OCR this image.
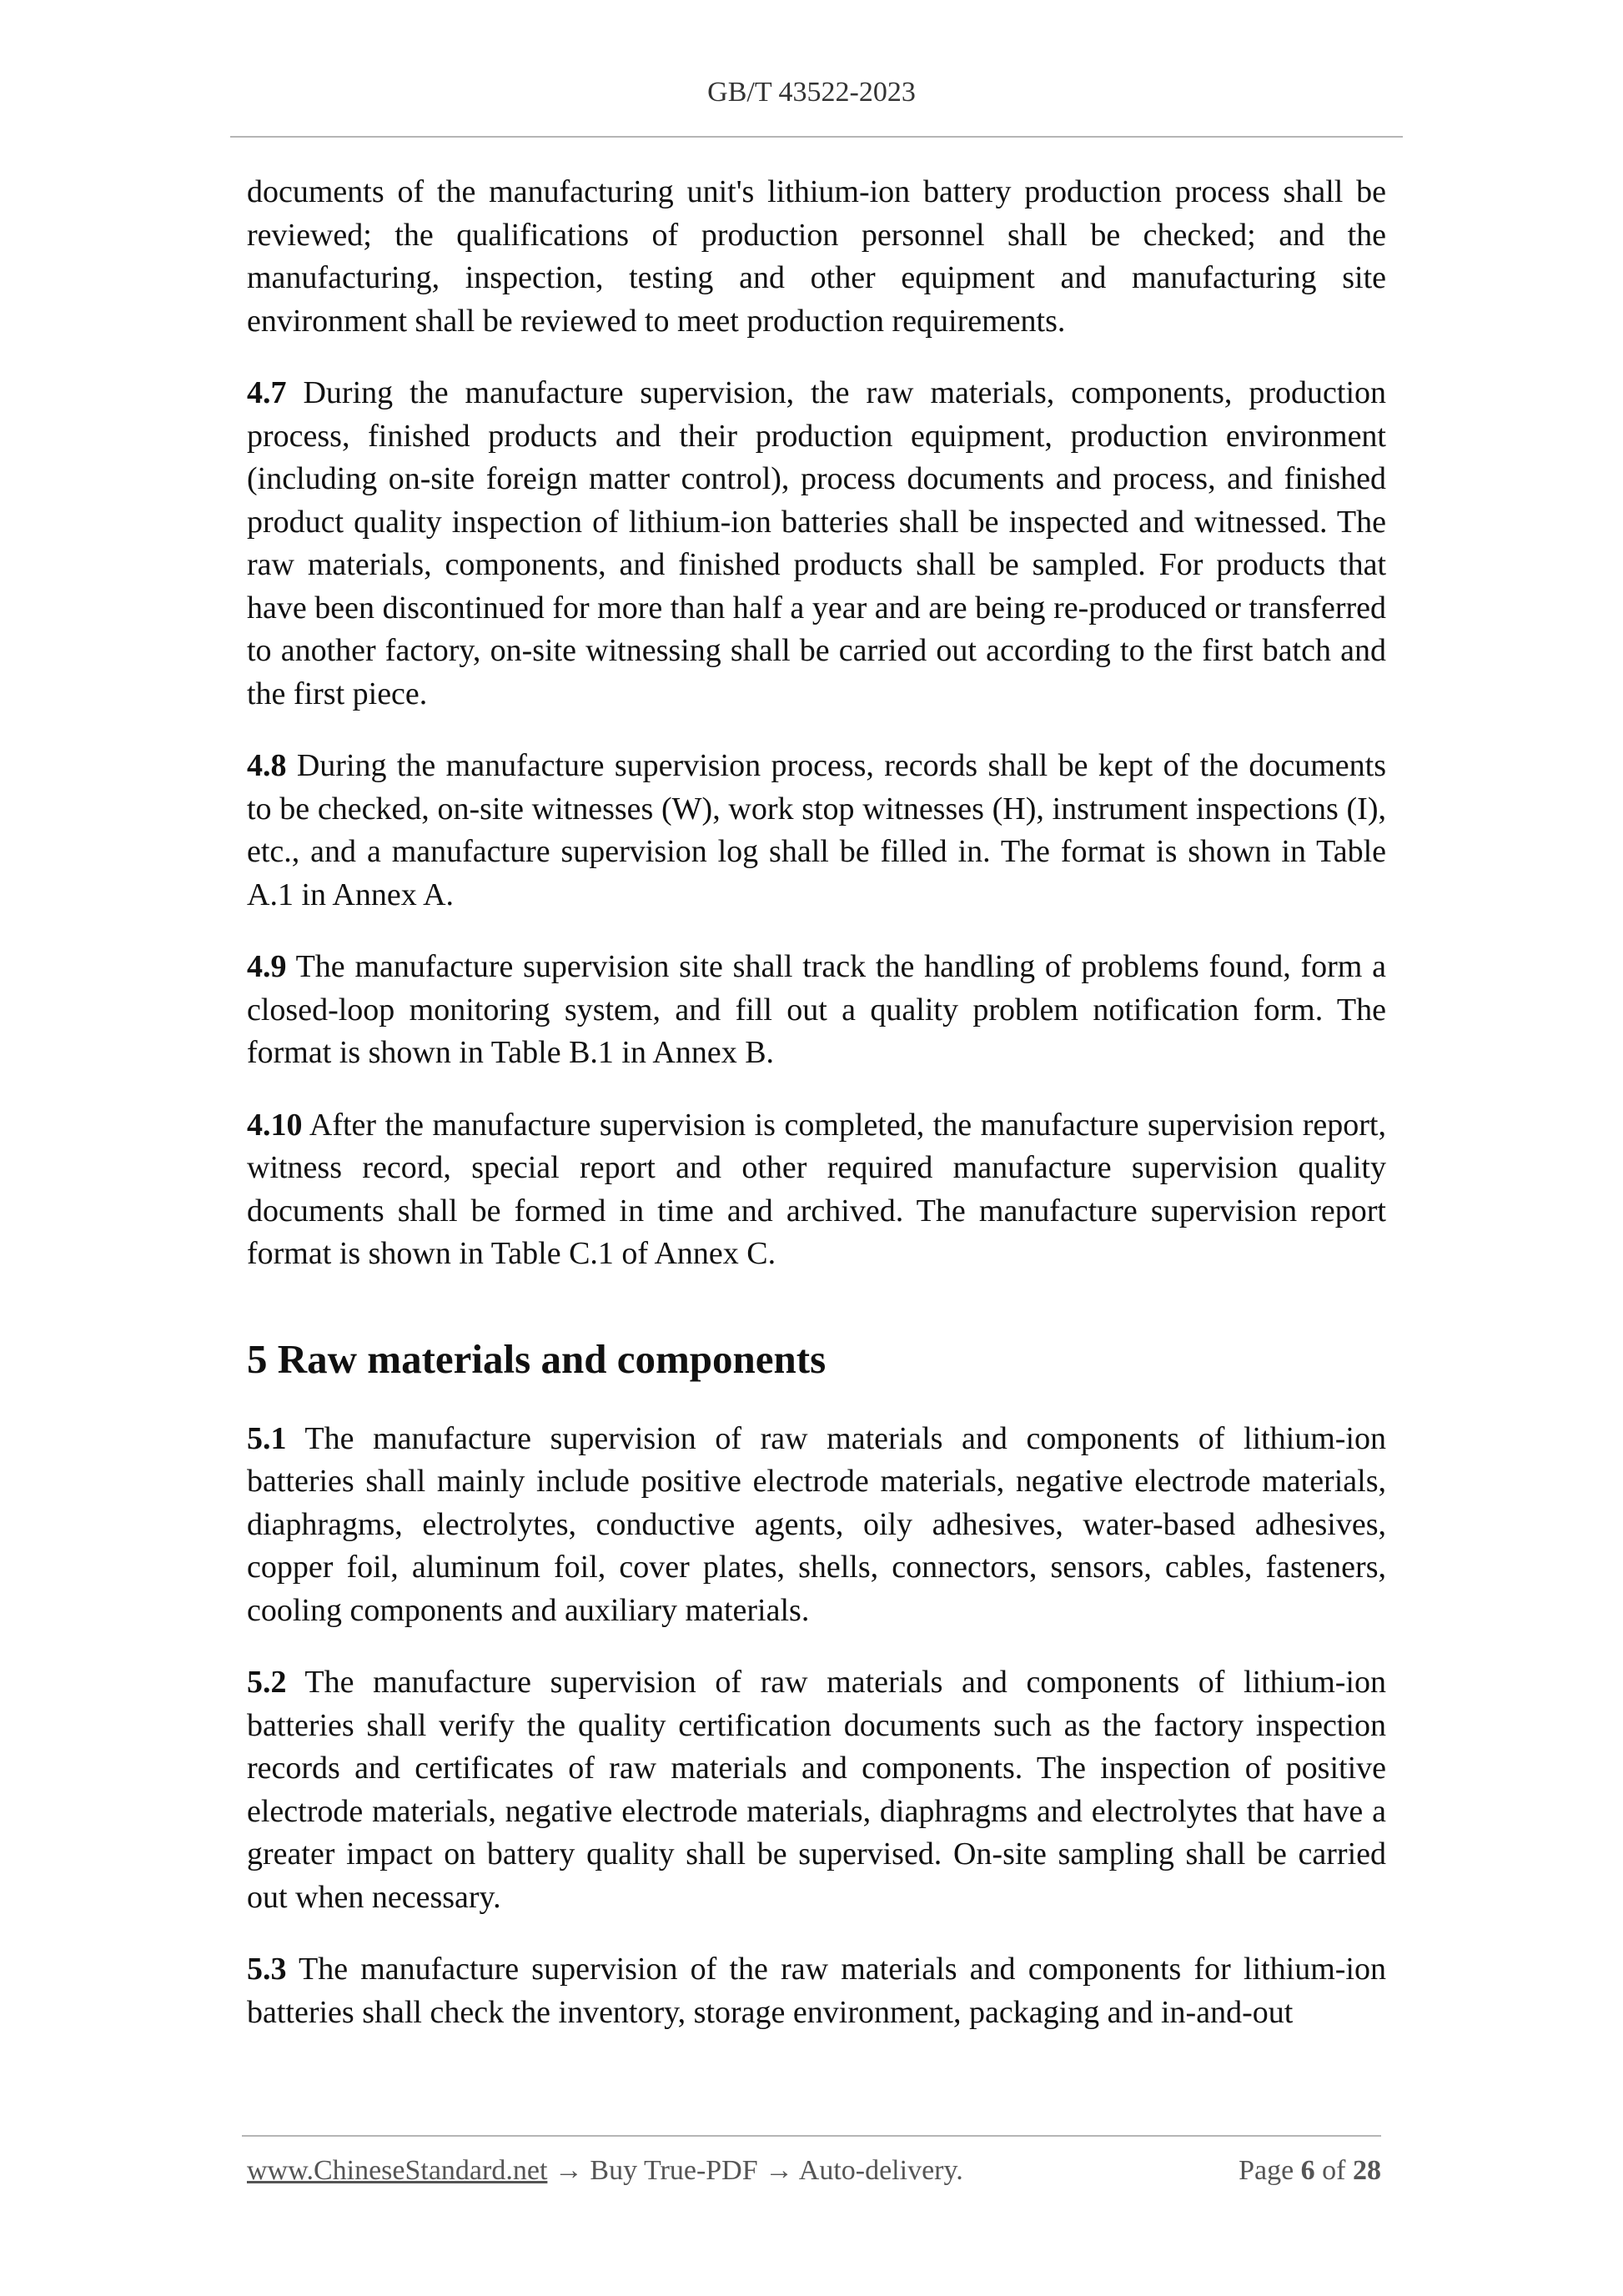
GB/T 43522-2023

documents of the manufacturing unit's lithium-ion battery production process shall be reviewed; the qualifications of production personnel shall be checked; and the manufacturing, inspection, testing and other equipment and manufacturing site environment shall be reviewed to meet production requirements.

4.7 During the manufacture supervision, the raw materials, components, production process, finished products and their production equipment, production environment (including on-site foreign matter control), process documents and process, and finished product quality inspection of lithium-ion batteries shall be inspected and witnessed. The raw materials, components, and finished products shall be sampled. For products that have been discontinued for more than half a year and are being re-produced or transferred to another factory, on-site witnessing shall be carried out according to the first batch and the first piece.

4.8 During the manufacture supervision process, records shall be kept of the documents to be checked, on-site witnesses (W), work stop witnesses (H), instrument inspections (I), etc., and a manufacture supervision log shall be filled in. The format is shown in Table A.1 in Annex A.

4.9 The manufacture supervision site shall track the handling of problems found, form a closed-loop monitoring system, and fill out a quality problem notification form. The format is shown in Table B.1 in Annex B.

4.10 After the manufacture supervision is completed, the manufacture supervision report, witness record, special report and other required manufacture supervision quality documents shall be formed in time and archived. The manufacture supervision report format is shown in Table C.1 of Annex C.

5 Raw materials and components

5.1 The manufacture supervision of raw materials and components of lithium-ion batteries shall mainly include positive electrode materials, negative electrode materials, diaphragms, electrolytes, conductive agents, oily adhesives, water-based adhesives, copper foil, aluminum foil, cover plates, shells, connectors, sensors, cables, fasteners, cooling components and auxiliary materials.

5.2 The manufacture supervision of raw materials and components of lithium-ion batteries shall verify the quality certification documents such as the factory inspection records and certificates of raw materials and components. The inspection of positive electrode materials, negative electrode materials, diaphragms and electrolytes that have a greater impact on battery quality shall be supervised. On-site sampling shall be carried out when necessary.

5.3 The manufacture supervision of the raw materials and components for lithium-ion batteries shall check the inventory, storage environment, packaging and in-and-out

www.ChineseStandard.net → Buy True-PDF → Auto-delivery.	Page 6 of 28
